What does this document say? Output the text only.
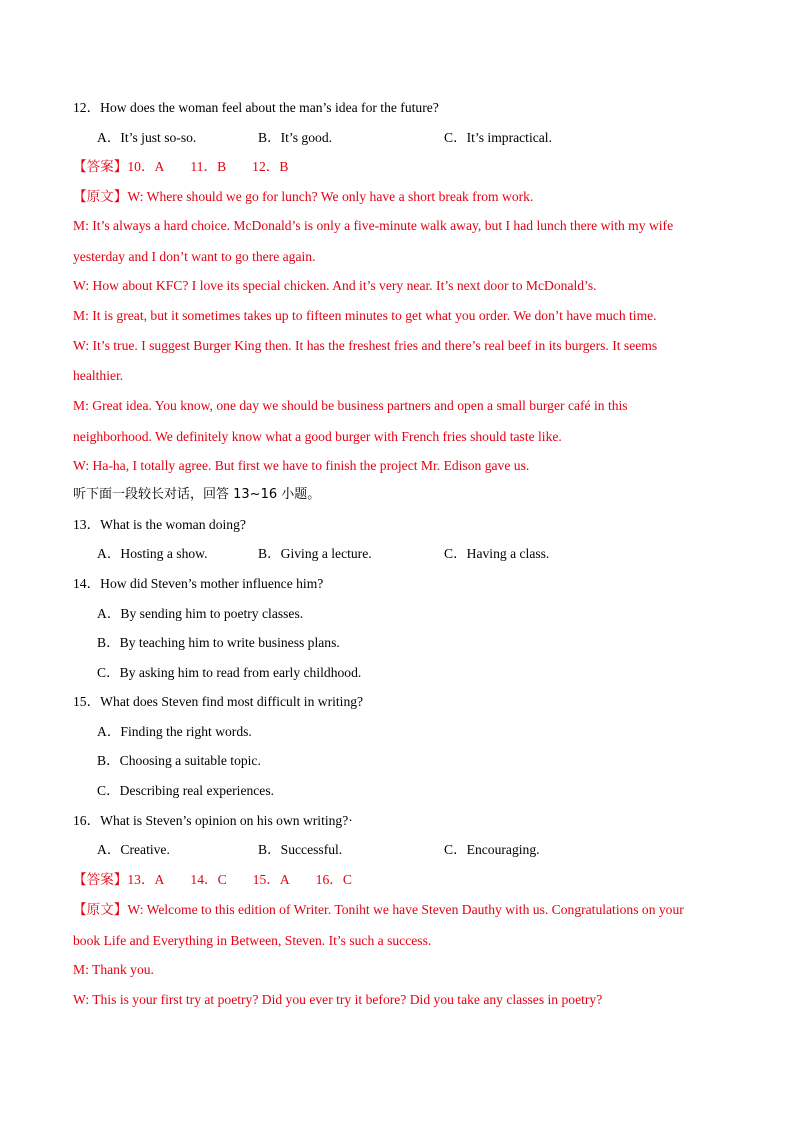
12．How does the woman feel about the man’s idea for the future?
A．It’s just so-so.	B．It’s good.	C．It’s impractical.
【答案】10．A 11．B 12．B
【原文】W: Where should we go for lunch? We only have a short break from work.
M: It’s always a hard choice. McDonald’s is only a five-minute walk away, but I had lunch there with my wife
yesterday and I don’t want to go there again.
W: How about KFC? I love its special chicken. And it’s very near. It’s next door to McDonald’s.
M: It is great, but it sometimes takes up to fifteen minutes to get what you order. We don’t have much time.
W: It’s true. I suggest Burger King then. It has the freshest fries and there’s real beef in its burgers. It seems
healthier.
M: Great idea. You know, one day we should be business partners and open a small burger café in this
neighborhood. We definitely know what a good burger with French fries should taste like.
W: Ha-ha, I totally agree. But first we have to finish the project Mr. Edison gave us.
听下面一段较长对话，回答 13~16 小题。
13．What is the woman doing?
A．Hosting a show.	B．Giving a lecture.	C．Having a class.
14．How did Steven’s mother influence him?
A．By sending him to poetry classes.
B．By teaching him to write business plans.
C．By asking him to read from early childhood.
15．What does Steven find most difficult in writing?
A．Finding the right words.
B．Choosing a suitable topic.
C．Describing real experiences.
16．What is Steven’s opinion on his own writing?·
A．Creative.	B．Successful.	C．Encouraging.
【答案】13．A 14．C 15．A 16．C
【原文】W: Welcome to this edition of Writer. Toniht we have Steven Dauthy with us. Congratulations on your
book Life and Everything in Between, Steven. It’s such a success.
M: Thank you.
W: This is your first try at poetry? Did you ever try it before? Did you take any classes in poetry?
